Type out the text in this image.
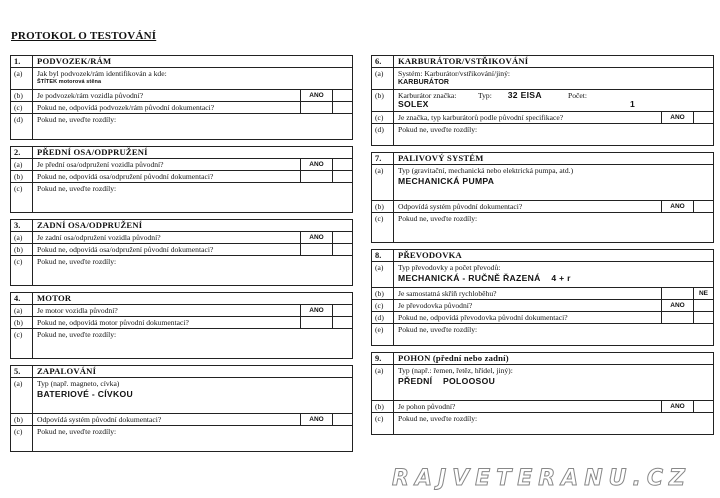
PROTOKOL O TESTOVÁNÍ
1.	PODVOZEK/RÁM
(a)	Jak byl podvozek/rám identifikován a kde:
ŠTÍTEK motorová stěna
(b)	Je podvozek/rám vozidla původní?	ANO
(c)	Pokud ne, odpovídá podvozek/rám původní dokumentaci?
(d)	Pokud ne, uveďte rozdíly:
2.	PŘEDNÍ OSA/ODPRUŽENÍ
(a)	Je přední osa/odpružení vozidla původní?	ANO
(b)	Pokud ne, odpovídá osa/odpružení původní dokumentaci?
(c)	Pokud ne, uveďte rozdíly:
3.	ZADNÍ OSA/ODPRUŽENÍ
(a)	Je zadní osa/odpružení vozidla původní?	ANO
(b)	Pokud ne, odpovídá osa/odpružení původní dokumentaci?
(c)	Pokud ne, uveďte rozdíly:
4.	MOTOR
(a)	Je motor vozidla původní?	ANO
(b)	Pokud ne, odpovídá motor původní dokumentaci?
(c)	Pokud ne, uveďte rozdíly:
5.	ZAPALOVÁNÍ
(a)	Typ (např. magneto, cívka)
BATERIOVÉ - CÍVKOU
(b)	Odpovídá systém původní dokumentaci?	ANO
(c)	Pokud ne, uveďte rozdíly:
6.	KARBURÁTOR/VSTŘIKOVÁNÍ
(a)	Systém: Karburátor/vstřikování/jiný:
KARBURÁTOR
(b)	Karburátor značka:
SOLEX
Typ: 32 EISA	Počet:
1
(c)	Je značka, typ karburátorů podle původní specifikace?	ANO
(d)	Pokud ne, uveďte rozdíly:
7.	PALIVOVÝ SYSTÉM
(a)	Typ (gravitační, mechanická nebo elektrická pumpa, atd.)
MECHANICKÁ PUMPA
(b)	Odpovídá systém původní dokumentaci?	ANO
(c)	Pokud ne, uveďte rozdíly:
8.	PŘEVODOVKA
(a)	Typ převodovky a počet převodů:
MECHANICKÁ - RUČNĚ ŘAZENÁ    4 + r
(b)	Je samostatná skříň rychloběhu?	NE
(c)	Je převodovka původní?	ANO
(d)	Pokud ne, odpovídá převodovka původní dokumentaci?
(e)	Pokud ne, uveďte rozdíly:
9.	POHON (přední nebo zadní)
(a)	Typ (např.: řemen, řetěz, hřídel, jiný):
PŘEDNÍ    POLOOSOU
(b)	Je pohon původní?	ANO
(c)	Pokud ne, uveďte rozdíly:
RAJVETERANU.CZ
